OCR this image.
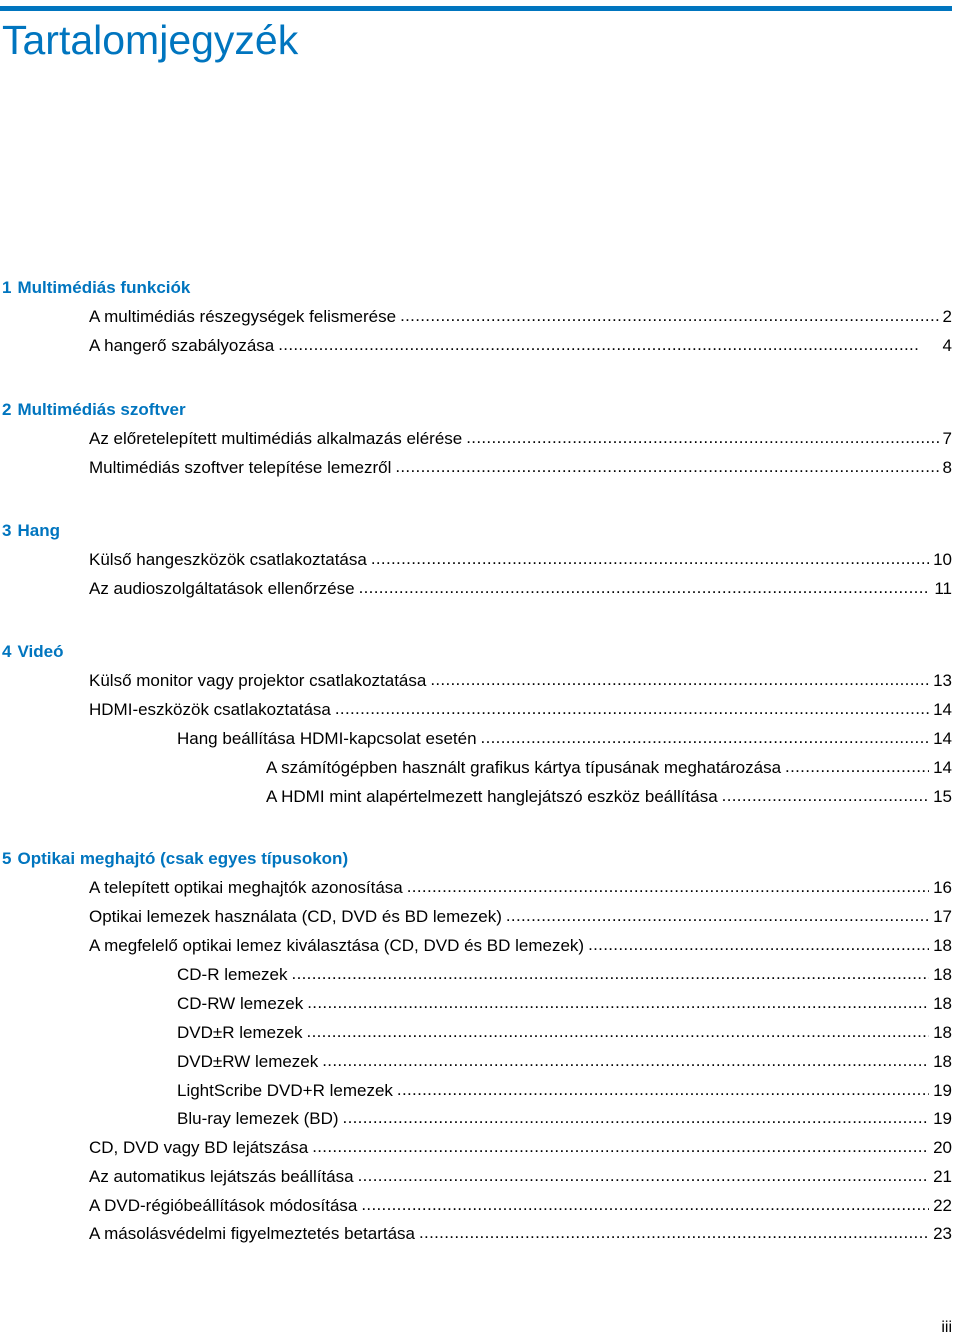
Tartalomjegyzék
1 Multimédiás funkciók
A multimédiás részegységek felismerése . . .	2
A hangerő szabályozása . . .	4
2 Multimédiás szoftver
Az előretelepített multimédiás alkalmazás elérése . . .	7
Multimédiás szoftver telepítése lemezről . . .	8
3 Hang
Külső hangeszközök csatlakoztatása . . .	10
Az audioszolgáltatások ellenőrzése . . .	11
4 Videó
Külső monitor vagy projektor csatlakoztatása . . .	13
HDMI-eszközök csatlakoztatása . . .	14
Hang beállítása HDMI-kapcsolat esetén . . .	14
A számítógépben használt grafikus kártya típusának meghatározása . . .	14
A HDMI mint alapértelmezett hanglejátszó eszköz beállítása . . .	15
5 Optikai meghajtó (csak egyes típusokon)
A telepített optikai meghajtók azonosítása . . .	16
Optikai lemezek használata (CD, DVD és BD lemezek) . . .	17
A megfelelő optikai lemez kiválasztása (CD, DVD és BD lemezek) . . .	18
CD-R lemezek . . .	18
CD-RW lemezek . . .	18
DVD±R lemezek . . .	18
DVD±RW lemezek . . .	18
LightScribe DVD+R lemezek . . .	19
Blu-ray lemezek (BD) . . .	19
CD, DVD vagy BD lejátszása . . .	20
Az automatikus lejátszás beállítása . . .	21
A DVD-régióbeállítások módosítása . . .	22
A másolásvédelmi figyelmeztetés betartása . . .	23
iii
